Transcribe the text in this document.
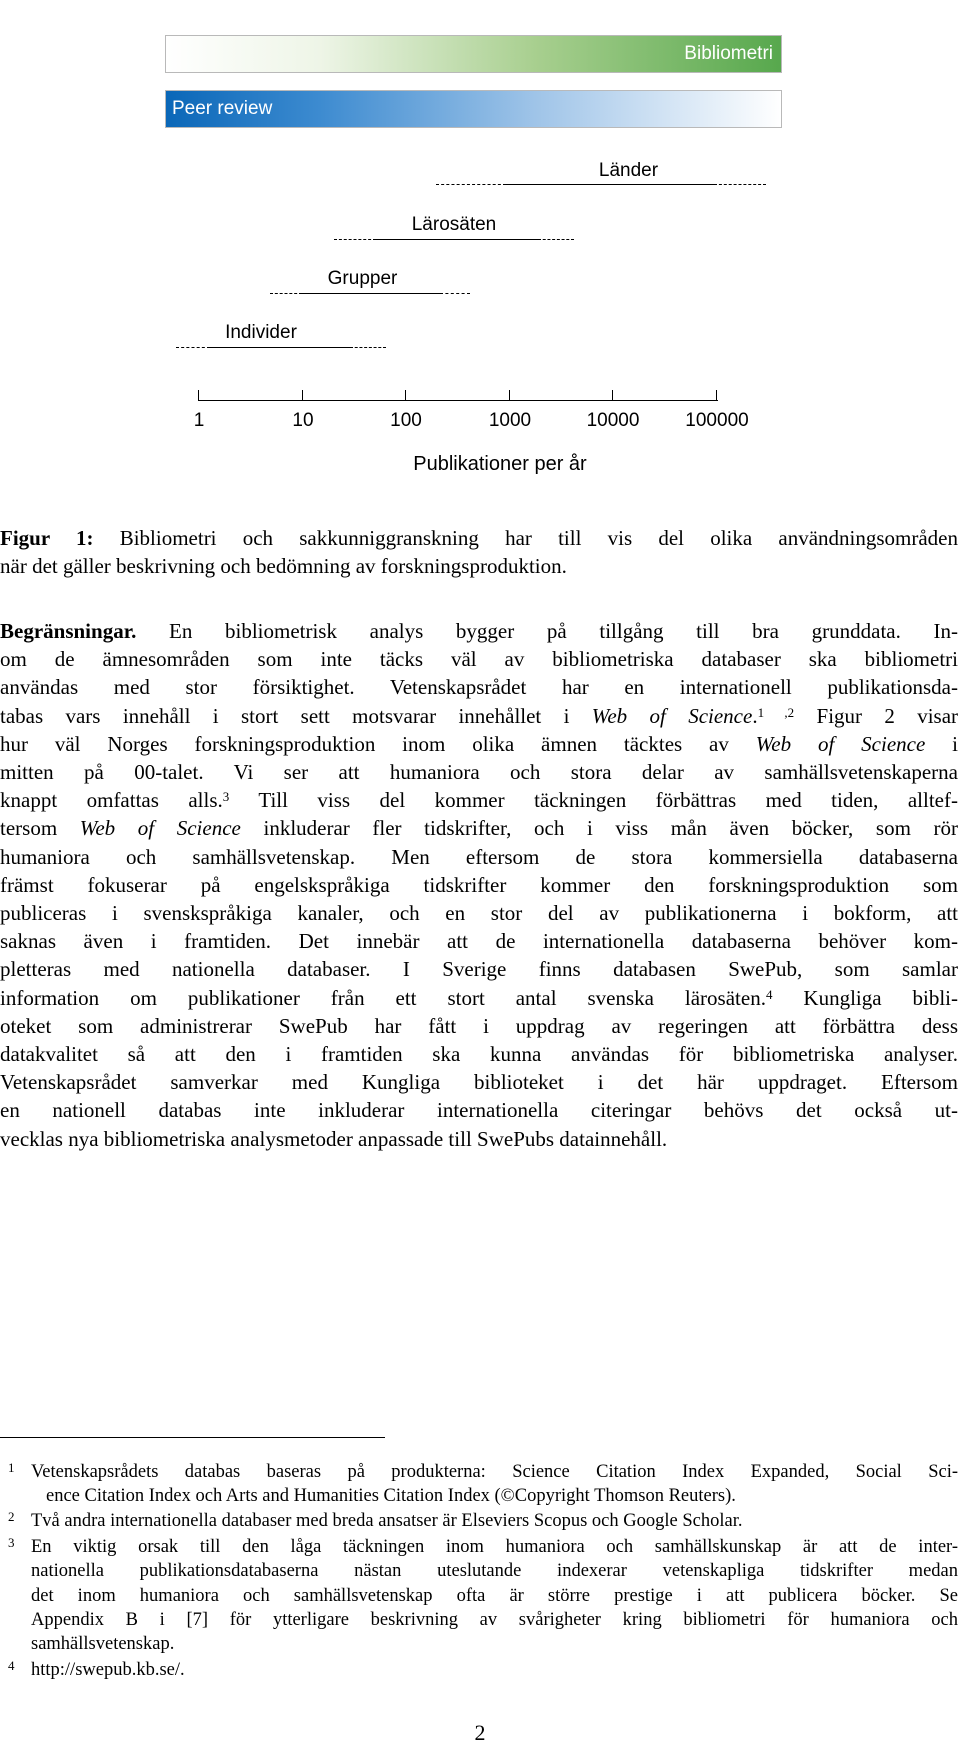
Bibliometri
Peer review
Länder
Lärosäten
Grupper
Individer
1	10	100	1000	10000 100000
Publikationer per år
Figur 1: Bibliometri och sakkunniggranskning har till vis del olika användningsområden
när det gäller beskrivning och bedömning av forskningsproduktion.
Begränsningar. En bibliometrisk analys bygger på tillgång till bra grunddata. In-
om de ämnesområden som inte täcks väl av bibliometriska databaser ska bibliometri
användas med stor försiktighet. Vetenskapsrådet har en internationell publikationsda-
tabas vars innehåll i stort sett motsvarar innehållet i Web of Science.$^{1 ,2}$ Figur 2 visar
hur väl Norges forskningsproduktion inom olika ämnen täcktes av Web of Science i
mitten på 00-talet. Vi ser att humaniora och stora delar av samhällsvetenskaperna
knappt omfattas alls.$^3$ Till viss del kommer täckningen förbättras med tiden, alltef-
tersom Web of Science inkluderar fler tidskrifter, och i viss mån även böcker, som rör
humaniora och samhällsvetenskap. Men eftersom de stora kommersiella databaserna
främst fokuserar på engelskspråkiga tidskrifter kommer den forskningsproduktion som
publiceras i svenskspråkiga kanaler, och en stor del av publikationerna i bokform, att
saknas även i framtiden. Det innebär att de internationella databaserna behöver kom-
pletteras med nationella databaser. I Sverige finns databasen SwePub, som samlar
information om publikationer från ett stort antal svenska lärosäten.$^4$ Kungliga bibli-
oteket som administrerar SwePub har fått i uppdrag av regeringen att förbättra dess
datakvalitet så att den i framtiden ska kunna användas för bibliometriska analyser.
Vetenskapsrådet samverkar med Kungliga biblioteket i det här uppdraget. Eftersom
en nationell databas inte inkluderar internationella citeringar behövs det också ut-
vecklas nya bibliometriska analysmetoder anpassade till SwePubs datainnehåll.
1 Vetenskapsrådets databas baseras på produkterna: Science Citation Index Expanded, Social Sci-
ence Citation Index och Arts and Humanities Citation Index (©Copyright Thomson Reuters).
2 Två andra internationella databaser med breda ansatser är Elseviers Scopus och Google Scholar.
3 En viktig orsak till den låga täckningen inom humaniora och samhällskunskap är att de inter-
nationella publikationsdatabaserna nästan uteslutande indexerar vetenskapliga tidskrifter medan
det inom humaniora och samhällsvetenskap ofta är större prestige i att publicera böcker. Se
Appendix B i [7] för ytterligare beskrivning av svårigheter kring bibliometri för humaniora och
samhällsvetenskap.
4 http://swepub.kb.se/.
2
